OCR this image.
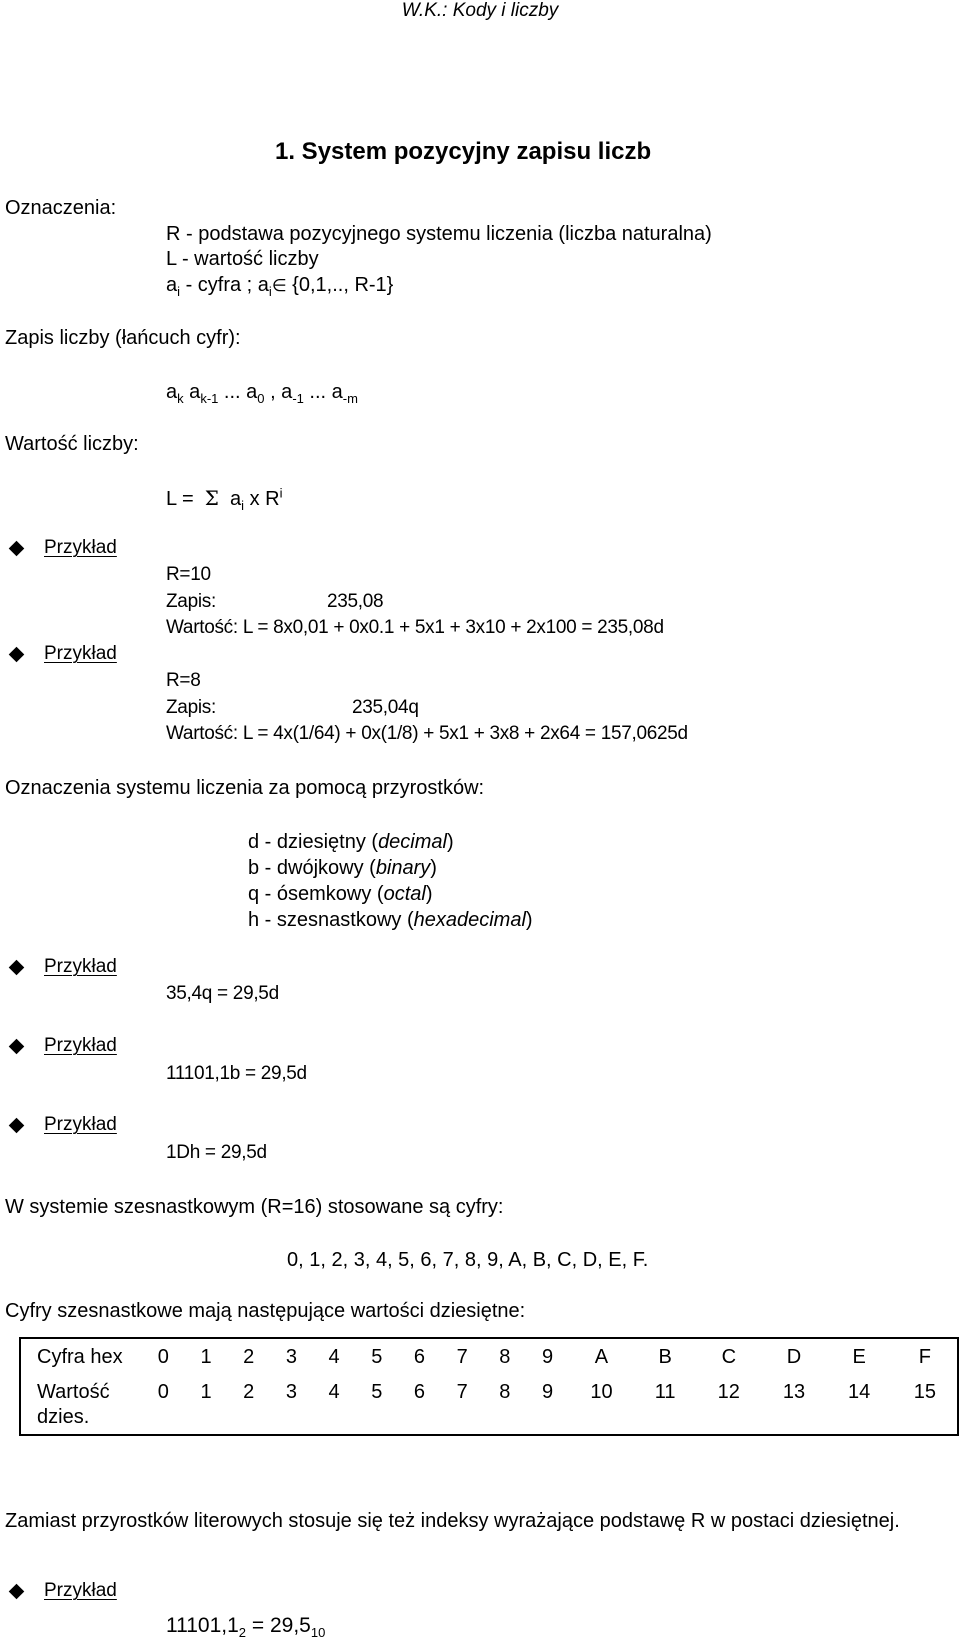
W.K.: Kody i liczby
1. System pozycyjny zapisu liczb
Oznaczenia:
R - podstawa pozycyjnego systemu liczenia (liczba naturalna)
L - wartość liczby
$a_i$ - cyfra ; $a_i\in$ {0,1,.., R-1}
Zapis liczby (łańcuch cyfr):
$a_k$ $a_{k-1}$ ... $a_0$ , $a_{-1}$ ... $a_{-m}$
Wartość liczby:
L =  Σ  $a_i$ x $R^i$
Przykład
R=10
Zapis:	235,08
Wartość: L = 8x0,01 + 0x0.1 + 5x1 + 3x10 + 2x100 = 235,08d
Przykład
R=8
Zapis:	235,04q
Wartość: L = 4x(1/64) + 0x(1/8) + 5x1 + 3x8 + 2x64 = 157,0625d
Oznaczenia systemu liczenia za pomocą przyrostków:
d - dziesiętny (decimal)
b - dwójkowy (binary)
q - ósemkowy (octal)
h - szesnastkowy (hexadecimal)
Przykład
35,4q = 29,5d
Przykład
11101,1b = 29,5d
Przykład
1Dh = 29,5d
W systemie szesnastkowym (R=16) stosowane są cyfry:
0, 1, 2, 3, 4, 5, 6, 7, 8, 9, A, B, C, D, E, F.
Cyfry szesnastkowe mają następujące wartości dziesiętne:
Cyfra hex	0	1	2	3	4	5	6	7	8	9	A	B	C	D	E	F
Wartość dzies.	0	1	2	3	4	5	6	7	8	9	10	11	12	13	14	15
Zamiast przyrostków literowych stosuje się też indeksy wyrażające podstawę R w postaci dziesiętnej.
Przykład
$11101,1_2 = 29,5_{10}$
